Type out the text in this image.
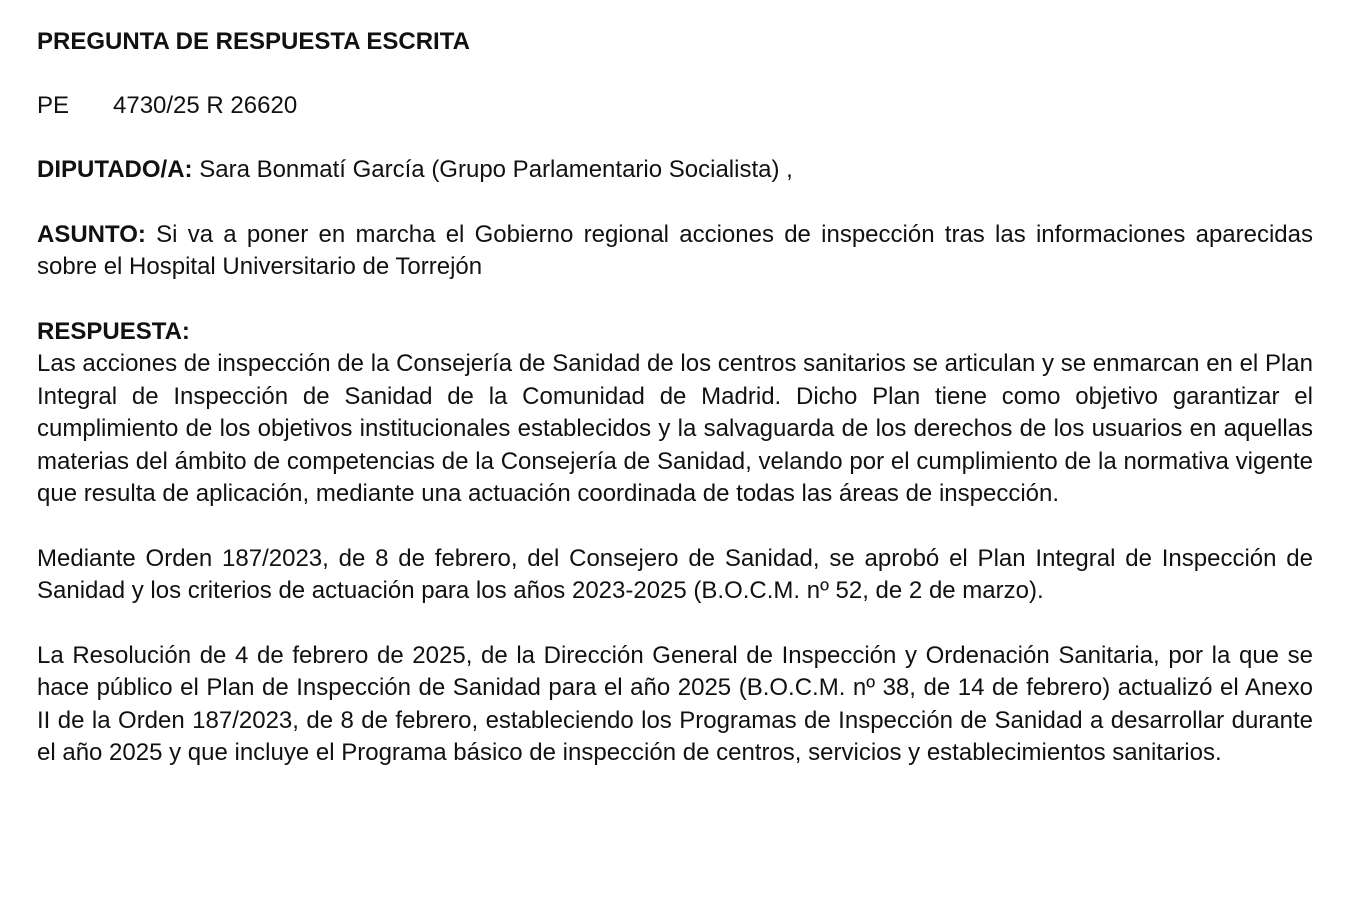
PREGUNTA DE RESPUESTA ESCRITA

PE 4730/25 R 26620

DIPUTADO/A: Sara Bonmatí García (Grupo Parlamentario Socialista) ,

ASUNTO: Si va a poner en marcha el Gobierno regional acciones de inspección tras las informaciones aparecidas sobre el Hospital Universitario de Torrejón

RESPUESTA:

Las acciones de inspección de la Consejería de Sanidad de los centros sanitarios se articulan y se enmarcan en el Plan Integral de Inspección de Sanidad de la Comunidad de Madrid. Dicho Plan tiene como objetivo garantizar el cumplimiento de los objetivos institucionales establecidos y la salvaguarda de los derechos de los usuarios en aquellas materias del ámbito de competencias de la Consejería de Sanidad, velando por el cumplimiento de la normativa vigente que resulta de aplicación, mediante una actuación coordinada de todas las áreas de inspección.

Mediante Orden 187/2023, de 8 de febrero, del Consejero de Sanidad, se aprobó el Plan Integral de Inspección de Sanidad y los criterios de actuación para los años 2023-2025 (B.O.C.M. nº 52, de 2 de marzo).

La Resolución de 4 de febrero de 2025, de la Dirección General de Inspección y Ordenación Sanitaria, por la que se hace público el Plan de Inspección de Sanidad para el año 2025 (B.O.C.M. nº 38, de 14 de febrero) actualizó el Anexo II de la Orden 187/2023, de 8 de febrero, estableciendo los Programas de Inspección de Sanidad a desarrollar durante el año 2025 y que incluye el Programa básico de inspección de centros, servicios y establecimientos sanitarios.
